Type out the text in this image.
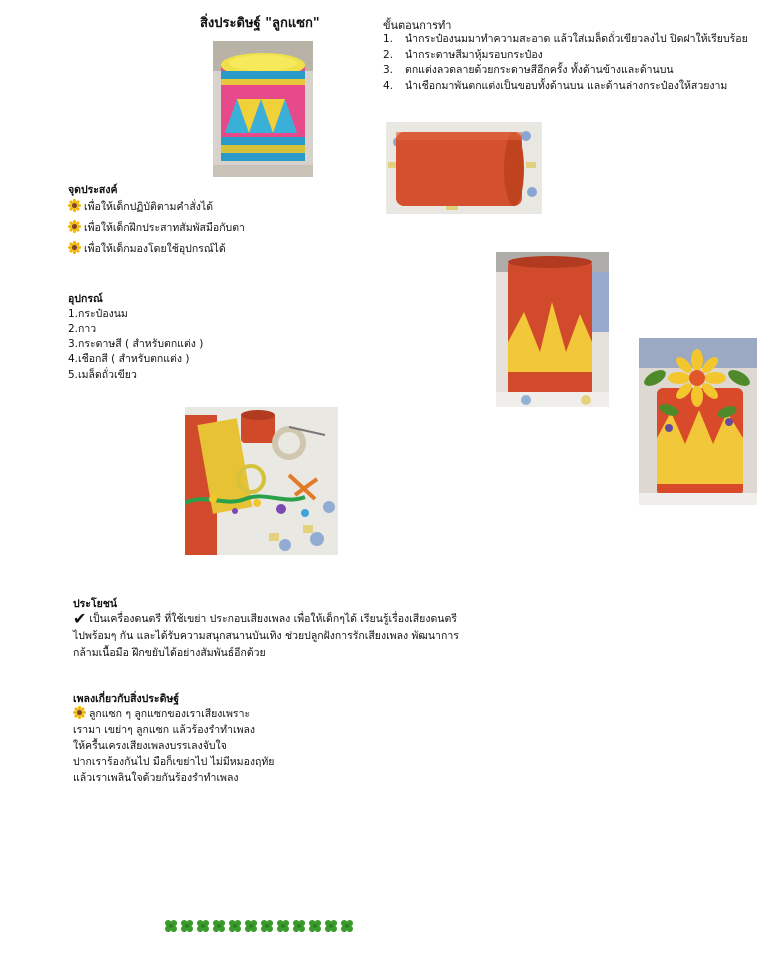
สิ่งประดิษฐ์ "ลูกแซก"	ขั้นตอนการทำ
1.	นำกระป๋องนมมาทำความสะอาด แล้วใส่เมล็ดถั่วเขียวลงไป ปิดฝาให้เรียบร้อย
2.	นำกระดาษสีมาหุ้มรอบกระป๋อง
3.	ตกแต่งลวดลายด้วยกระดาษสีอีกครั้ง ทั้งด้านข้างและด้านบน
4.	นำเชือกมาพันตกแต่งเป็นขอบทั้งด้านบน และด้านล่างกระป๋องให้สวยงาม
จุดประสงค์
เพื่อให้เด็กปฏิบัติตามคำสั่งได้
เพื่อให้เด็กฝึกประสาทสัมพัสมือกับตา
เพื่อให้เด็กมองโดยใช้อุปกรณ์ได้
อุปกรณ์
1.กระป๋องนม
2.กาว
3.กระดาษสี ( สำหรับตกแต่ง )
4.เชือกสี ( สำหรับตกแต่ง )
5.เมล็ดถั่วเขียว
ประโยชน์
✔ เป็นเครื่องดนตรี ที่ใช้เขย่า ประกอบเสียงเพลง เพื่อให้เด็กๆได้ เรียนรู้เรื่องเสียงดนตรี
ไปพร้อมๆ กัน และได้รับความสนุกสนานบันเทิง ช่วยปลูกฝังการรักเสียงเพลง พัฒนาการ
กล้ามเนื้อมือ ฝึกขยับได้อย่างสัมพันธ์อีกด้วย
เพลงเกี่ยวกับสิ่งประดิษฐ์
ลูกแซก ๆ ลูกแซกของเราเสียงเพราะ
เรามา เขย่าๆ ลูกแซก แล้วร้องรำทำเพลง
ให้ครื้นเครงเสียงเพลงบรรเลงจับใจ
ปากเราร้องกันไป มือก็เขย่าไป ไม่มีหมองฤทัย
แล้วเราเพลินใจด้วยกันร้องรำทำเพลง
